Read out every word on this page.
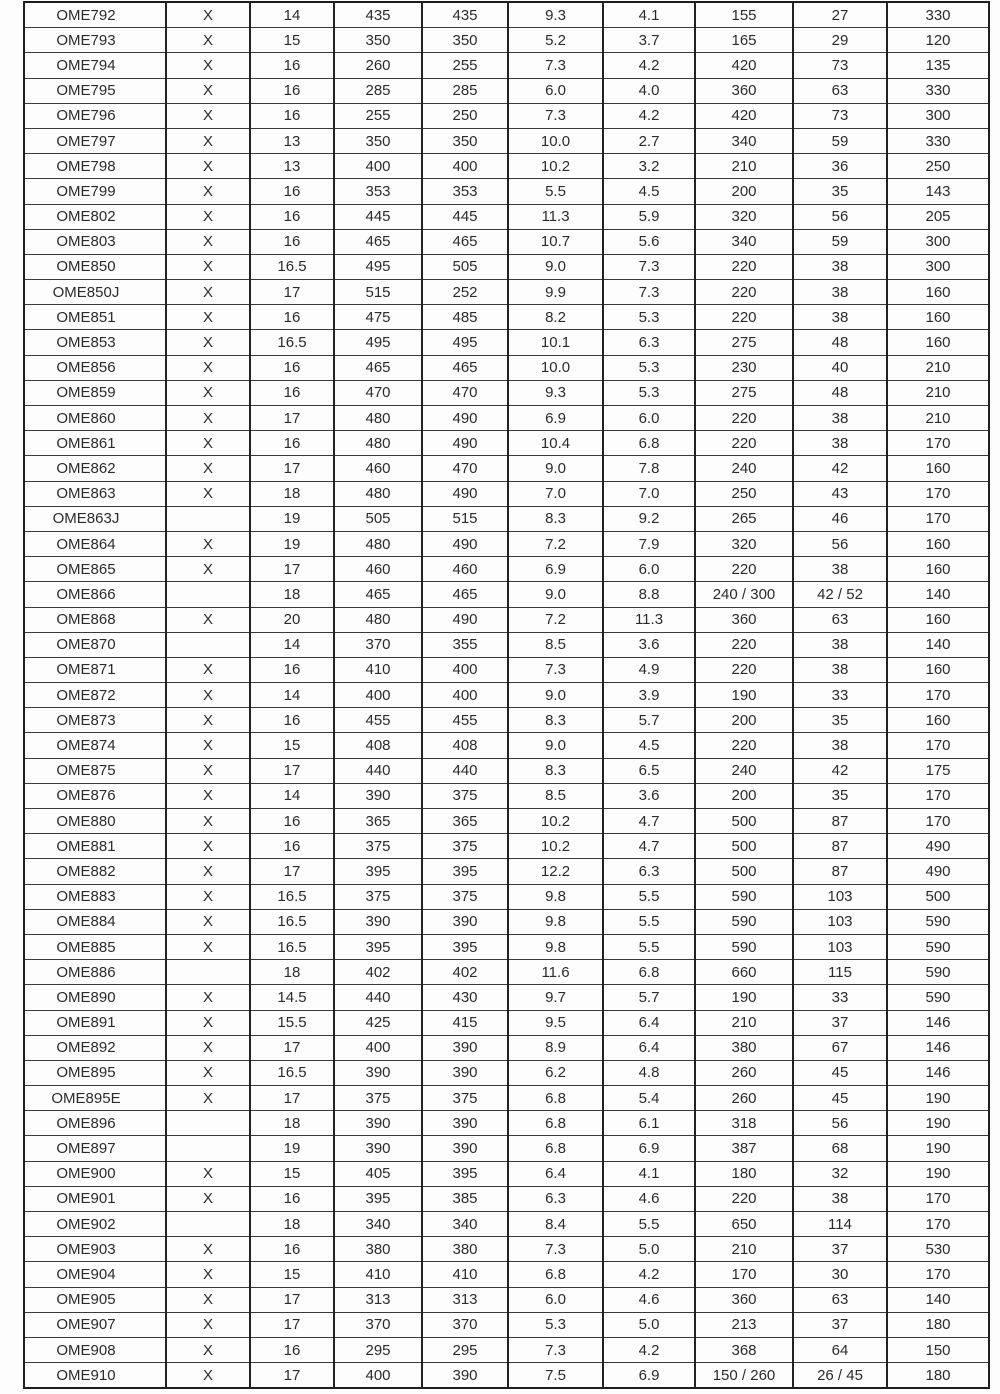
OME792	X	14	435	435	9.3	4.1	155	27	330
OME793	X	15	350	350	5.2	3.7	165	29	120
OME794	X	16	260	255	7.3	4.2	420	73	135
OME795	X	16	285	285	6.0	4.0	360	63	330
OME796	X	16	255	250	7.3	4.2	420	73	300
OME797	X	13	350	350	10.0	2.7	340	59	330
OME798	X	13	400	400	10.2	3.2	210	36	250
OME799	X	16	353	353	5.5	4.5	200	35	143
OME802	X	16	445	445	11.3	5.9	320	56	205
OME803	X	16	465	465	10.7	5.6	340	59	300
OME850	X	16.5	495	505	9.0	7.3	220	38	300
OME850J	X	17	515	252	9.9	7.3	220	38	160
OME851	X	16	475	485	8.2	5.3	220	38	160
OME853	X	16.5	495	495	10.1	6.3	275	48	160
OME856	X	16	465	465	10.0	5.3	230	40	210
OME859	X	16	470	470	9.3	5.3	275	48	210
OME860	X	17	480	490	6.9	6.0	220	38	210
OME861	X	16	480	490	10.4	6.8	220	38	170
OME862	X	17	460	470	9.0	7.8	240	42	160
OME863	X	18	480	490	7.0	7.0	250	43	170
OME863J		19	505	515	8.3	9.2	265	46	170
OME864	X	19	480	490	7.2	7.9	320	56	160
OME865	X	17	460	460	6.9	6.0	220	38	160
OME866		18	465	465	9.0	8.8	240 / 300	42 / 52	140
OME868	X	20	480	490	7.2	11.3	360	63	160
OME870		14	370	355	8.5	3.6	220	38	140
OME871	X	16	410	400	7.3	4.9	220	38	160
OME872	X	14	400	400	9.0	3.9	190	33	170
OME873	X	16	455	455	8.3	5.7	200	35	160
OME874	X	15	408	408	9.0	4.5	220	38	170
OME875	X	17	440	440	8.3	6.5	240	42	175
OME876	X	14	390	375	8.5	3.6	200	35	170
OME880	X	16	365	365	10.2	4.7	500	87	170
OME881	X	16	375	375	10.2	4.7	500	87	490
OME882	X	17	395	395	12.2	6.3	500	87	490
OME883	X	16.5	375	375	9.8	5.5	590	103	500
OME884	X	16.5	390	390	9.8	5.5	590	103	590
OME885	X	16.5	395	395	9.8	5.5	590	103	590
OME886		18	402	402	11.6	6.8	660	115	590
OME890	X	14.5	440	430	9.7	5.7	190	33	590
OME891	X	15.5	425	415	9.5	6.4	210	37	146
OME892	X	17	400	390	8.9	6.4	380	67	146
OME895	X	16.5	390	390	6.2	4.8	260	45	146
OME895E	X	17	375	375	6.8	5.4	260	45	190
OME896		18	390	390	6.8	6.1	318	56	190
OME897		19	390	390	6.8	6.9	387	68	190
OME900	X	15	405	395	6.4	4.1	180	32	190
OME901	X	16	395	385	6.3	4.6	220	38	170
OME902		18	340	340	8.4	5.5	650	114	170
OME903	X	16	380	380	7.3	5.0	210	37	530
OME904	X	15	410	410	6.8	4.2	170	30	170
OME905	X	17	313	313	6.0	4.6	360	63	140
OME907	X	17	370	370	5.3	5.0	213	37	180
OME908	X	16	295	295	7.3	4.2	368	64	150
OME910	X	17	400	390	7.5	6.9	150 / 260	26 / 45	180
